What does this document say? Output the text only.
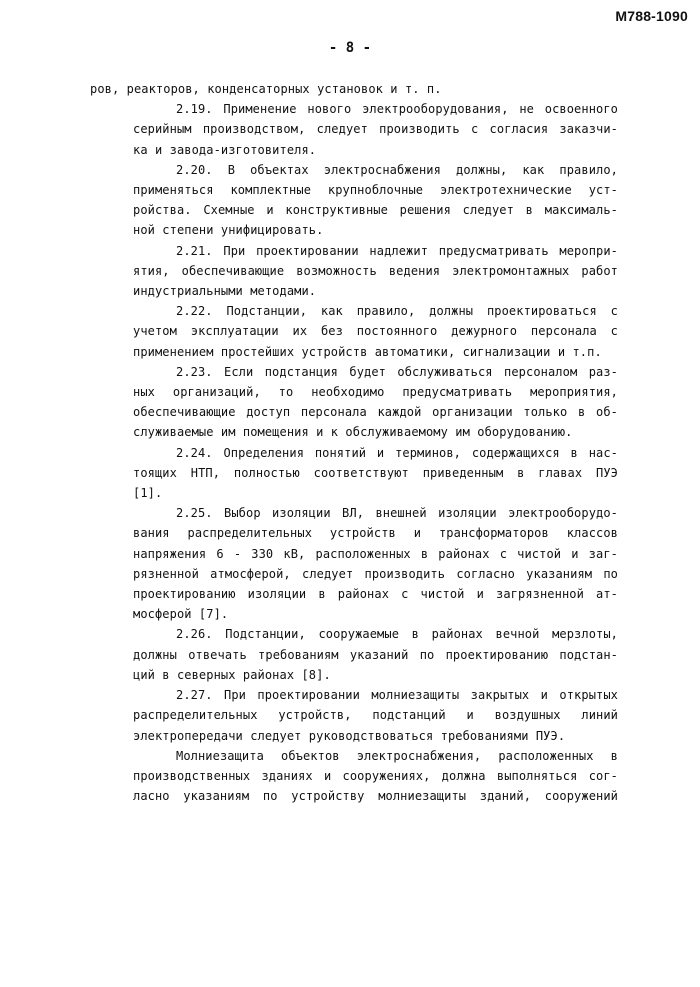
М788-1090
- 8 -
ров, реакторов, конденсаторных установок и т. п.
2.19. Применение нового электрооборудования, не освоенного
серийным производством, следует производить с согласия заказчи-
ка и завода-изготовителя.
2.20. В объектах электроснабжения должны, как правило,
применяться комплектные крупноблочные электротехнические уст-
ройства. Схемные и конструктивные решения следует в максималь-
ной степени унифицировать.
2.21. При проектировании надлежит предусматривать меропри-
ятия, обеспечивающие возможность ведения электромонтажных работ
индустриальными методами.
2.22. Подстанции, как правило, должны проектироваться с
учетом эксплуатации их без постоянного дежурного персонала с
применением простейших устройств автоматики, сигнализации и т.п.
2.23. Если подстанция будет обслуживаться персоналом раз-
ных организаций, то необходимо предусматривать мероприятия,
обеспечивающие доступ персонала каждой организации только в об-
служиваемые им помещения и к обслуживаемому им оборудованию.
2.24. Определения понятий и терминов, содержащихся в нас-
тоящих НТП, полностью соответствуют приведенным в главах ПУЭ
[1].
2.25. Выбор изоляции ВЛ, внешней изоляции электрооборудо-
вания распределительных устройств и трансформаторов классов
напряжения 6 - 330 кВ, расположенных в районах с чистой и заг-
рязненной атмосферой, следует производить согласно указаниям по
проектированию изоляции в районах с чистой и загрязненной ат-
мосферой [7].
2.26. Подстанции, сооружаемые в районах вечной мерзлоты,
должны отвечать требованиям указаний по проектированию подстан-
ций в северных районах [8].
2.27. При проектировании молниезащиты закрытых и открытых
распределительных устройств, подстанций и воздушных линий
электропередачи следует руководствоваться требованиями ПУЭ.
Молниезащита объектов электроснабжения, расположенных в
производственных зданиях и сооружениях, должна выполняться сог-
ласно указаниям по устройству молниезащиты зданий, сооружений
